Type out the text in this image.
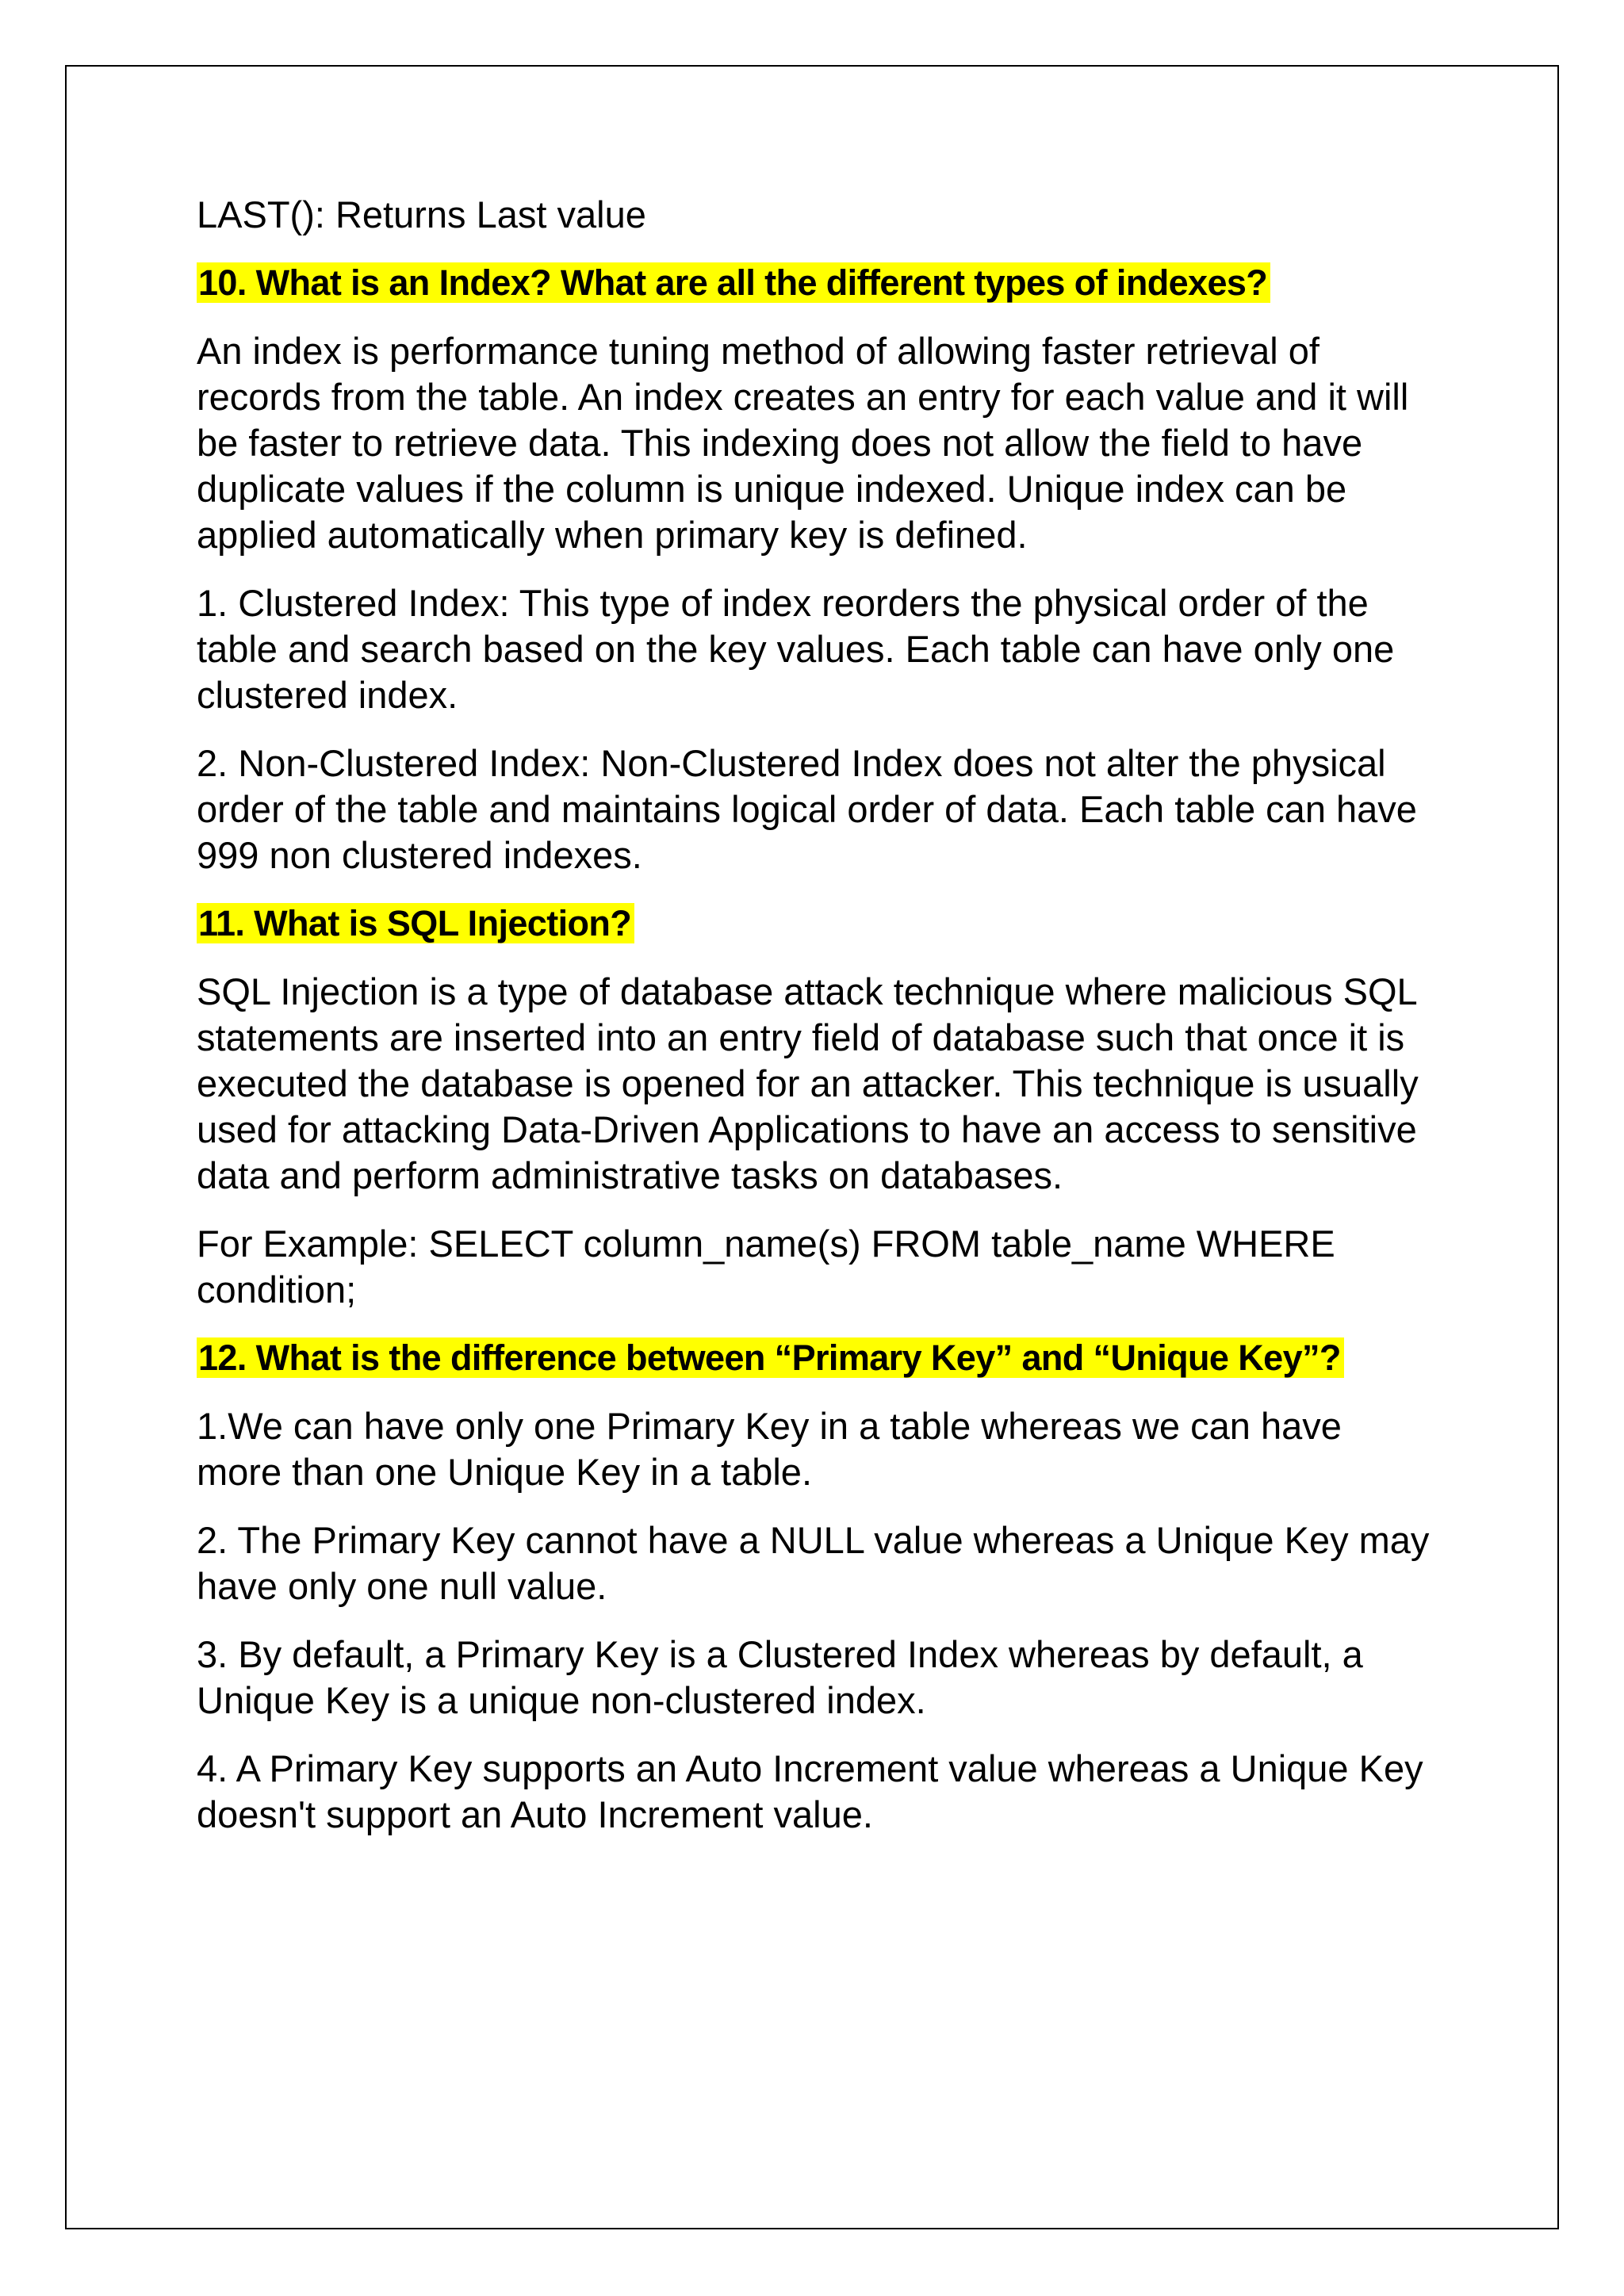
LAST(): Returns Last value

10. What is an Index? What are all the different types of indexes?

An index is performance tuning method of allowing faster retrieval of records from the table. An index creates an entry for each value and it will be faster to retrieve data. This indexing does not allow the field to have duplicate values if the column is unique indexed. Unique index can be applied automatically when primary key is defined.

1. Clustered Index: This type of index reorders the physical order of the table and search based on the key values. Each table can have only one clustered index.

2. Non-Clustered Index: Non-Clustered Index does not alter the physical order of the table and maintains logical order of data. Each table can have 999 non clustered indexes.

11. What is SQL Injection?

SQL Injection is a type of database attack technique where malicious SQL statements are inserted into an entry field of database such that once it is executed the database is opened for an attacker. This technique is usually used for attacking Data-Driven Applications to have an access to sensitive data and perform administrative tasks on databases.

For Example: SELECT column_name(s) FROM table_name WHERE condition;

12. What is the difference between “Primary Key” and “Unique Key”?

1.We can have only one Primary Key in a table whereas we can have more than one Unique Key in a table.

2. The Primary Key cannot have a NULL value whereas a Unique Key may have only one null value.

3. By default, a Primary Key is a Clustered Index whereas by default, a Unique Key is a unique non-clustered index.

4. A Primary Key supports an Auto Increment value whereas a Unique Key doesn't support an Auto Increment value.
